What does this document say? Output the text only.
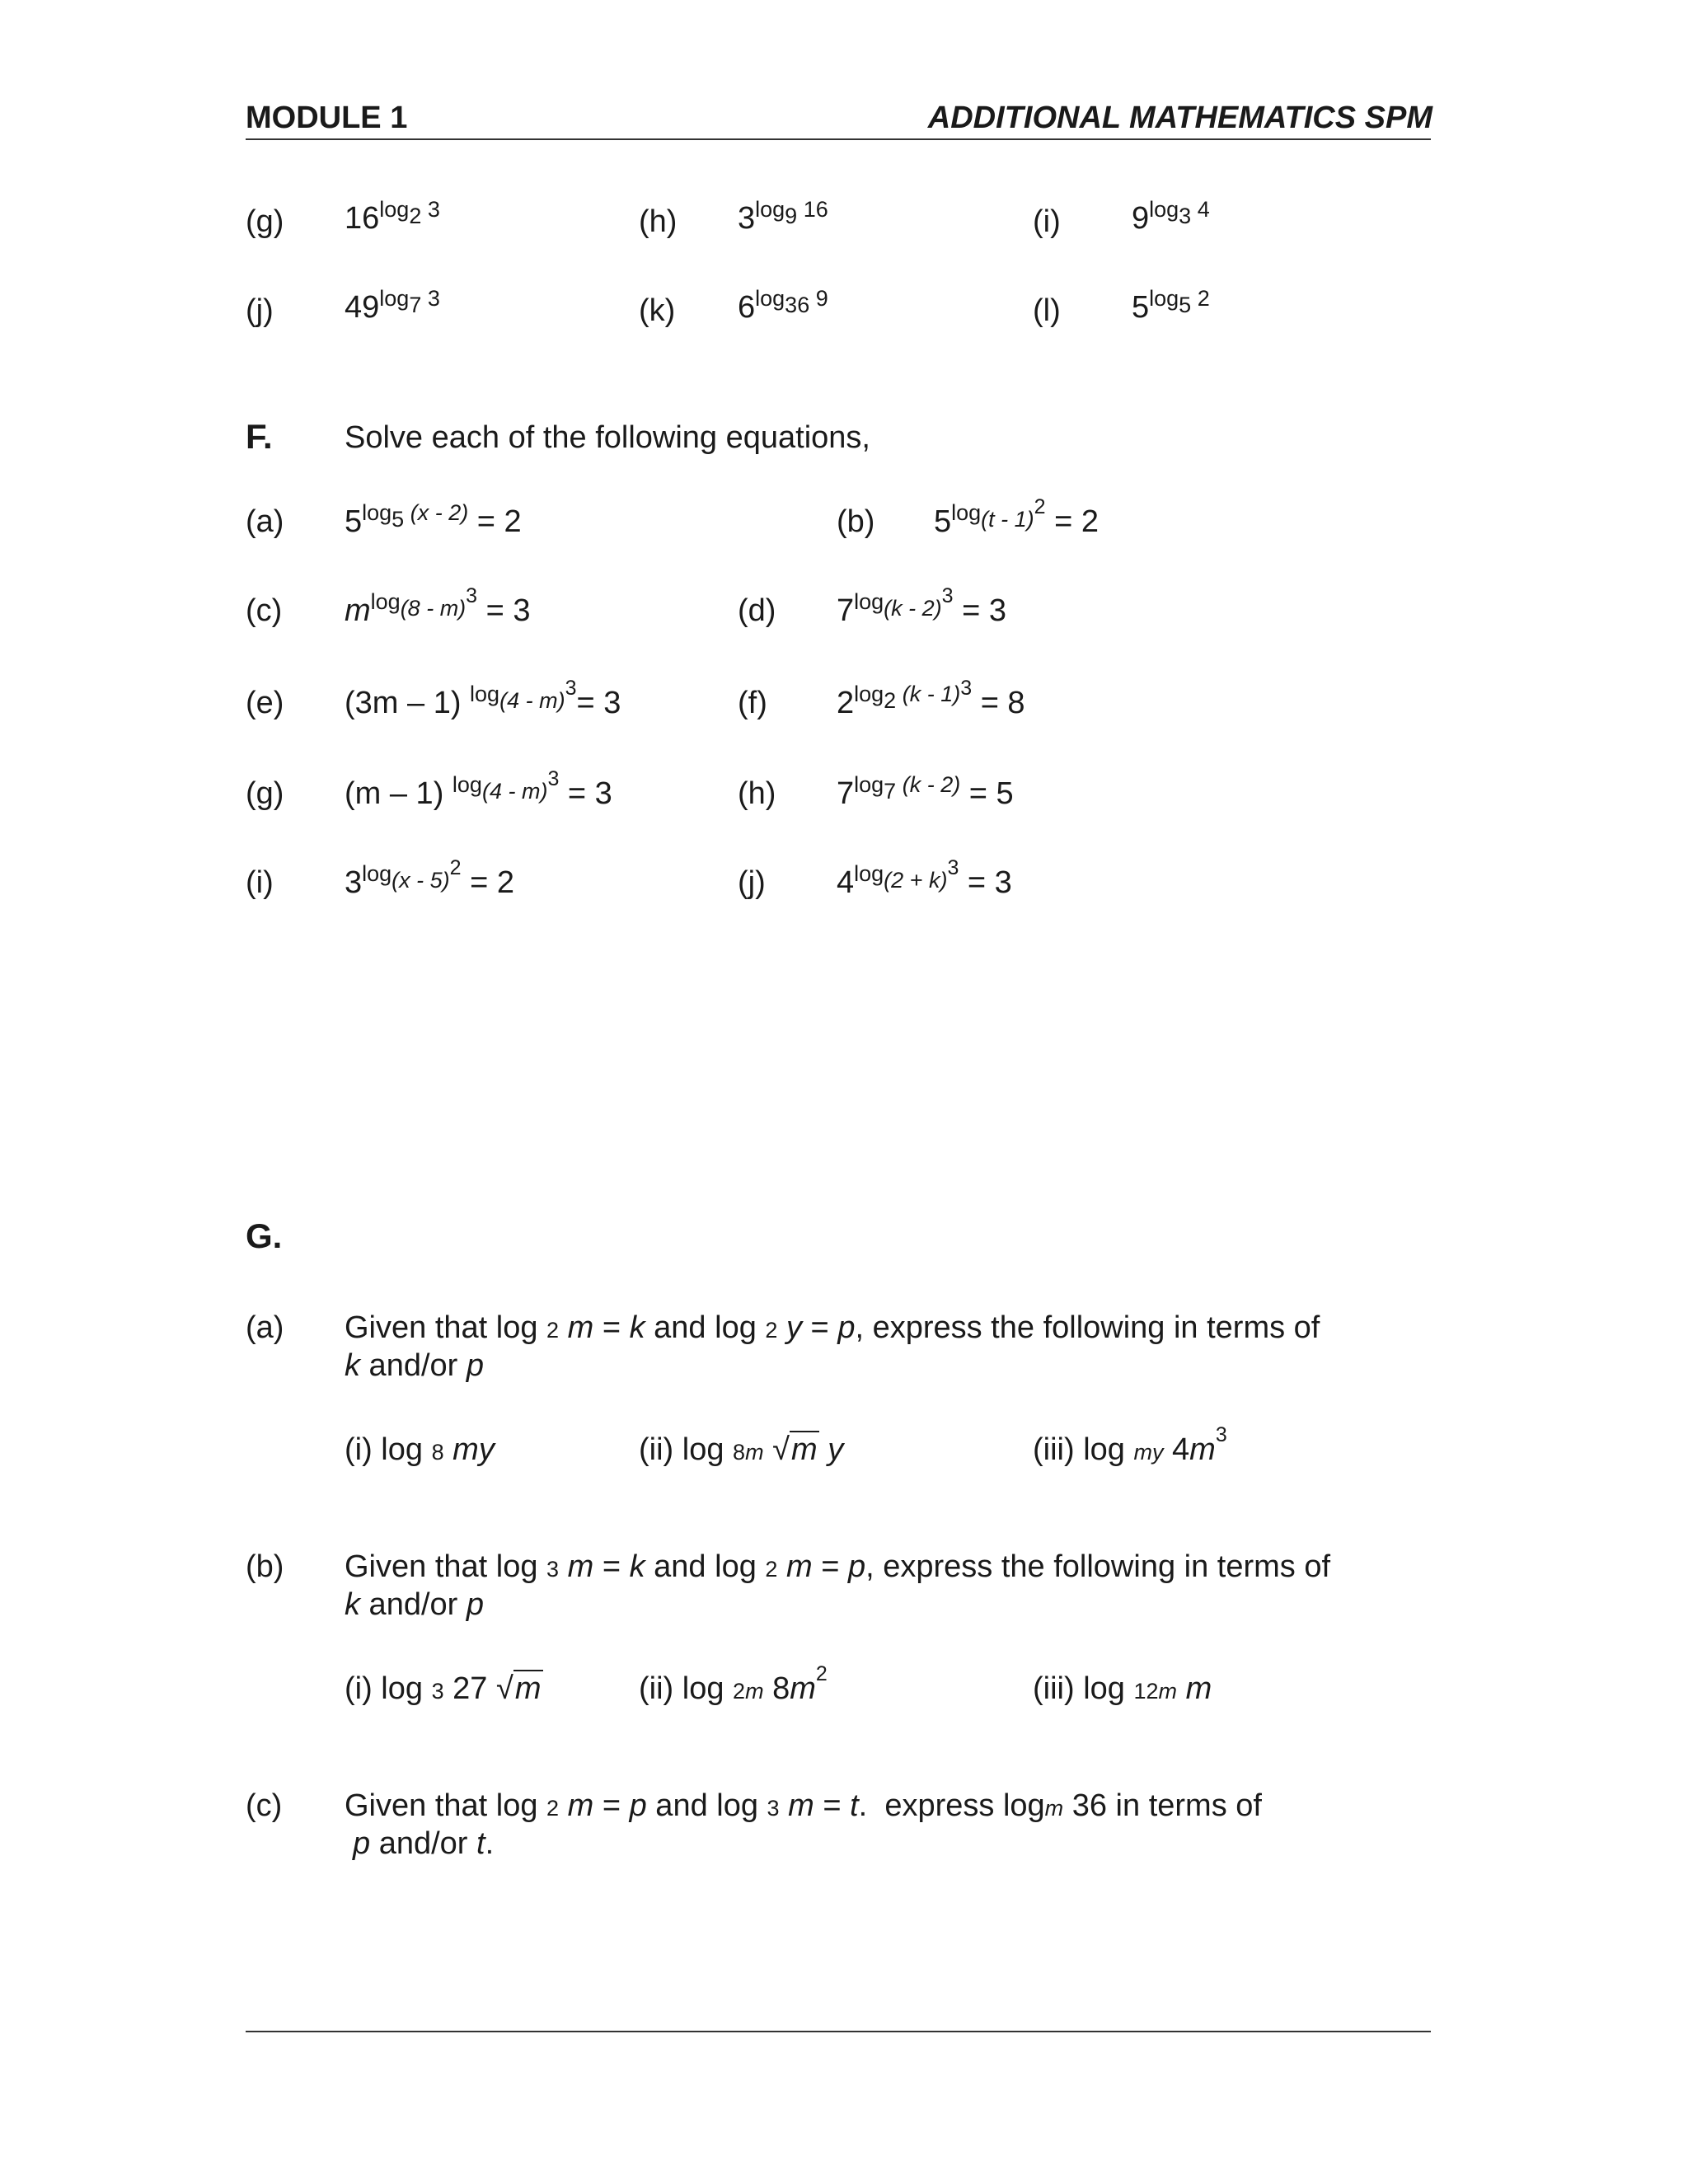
MODULE 1	ADDITIONAL MATHEMATICS SPM
(g) $16^{log2 3}$	(h) $3^{log9 16}$	(i) $9^{log3 4}$
(j) $49^{log7 3}$	(k) $6^{log36 9}$	(l) $5^{log5 2}$
F. Solve each of the following equations,
(a) $5^{log5 (x - 2)} = 2$	(b) $5^{log(t - 1)2} = 2$
(c) $m^{log(8 - m)3} = 3$	(d) $7^{log(k - 2)3} = 3$
(e) (3m – 1) $^{log(4 - m)3}$= 3	(f) $2^{log2 (k - 1)3} = 8$
(g) (m – 1) $^{log(4 - m)3}$ = 3	(h) $7^{log7 (k - 2)} = 5$
(i) $3^{log(x - 5)2} = 2$	(j) $4^{log(2 + k)3} = 3$
G.
(a) Given that log 2 m = k and log 2 y = p, express the following in terms of
k and/or p
(i) log 8 my	(ii) log 8m √m y	(iii) log my $4m^3$
(b) Given that log 3 m = k and log 2 m = p, express the following in terms of
k and/or p
(i) log 3 27 √m	(ii) log 2m $8m^2$	(iii) log 12m m
(c) Given that log 2 m = p and log 3 m = t.  express logm 36 in terms of
p and/or t.
